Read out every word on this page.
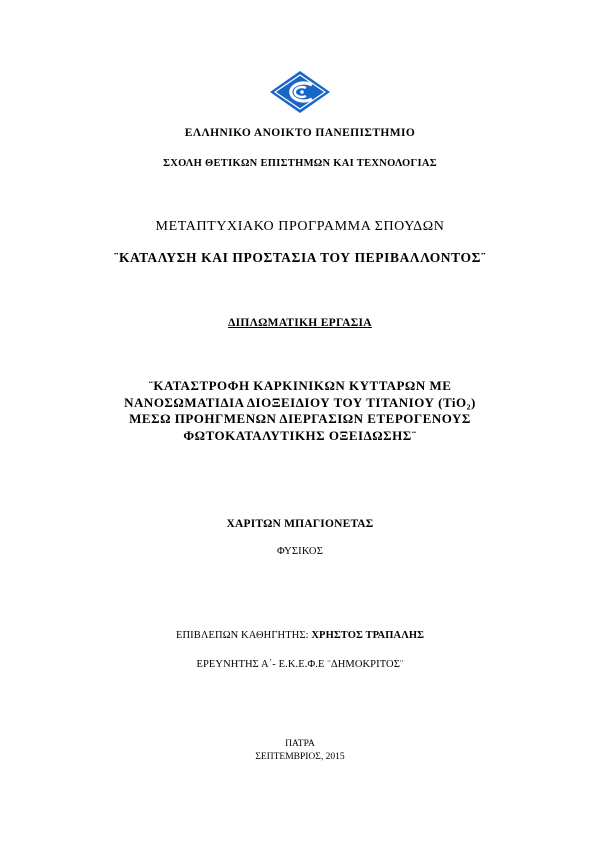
ΕΛΛΗΝΙΚΟ ΑΝΟΙΚΤΟ ΠΑΝΕΠΙΣΤΗΜΙΟ
ΣΧΟΛΗ ΘΕΤΙΚΩΝ ΕΠΙΣΤΗΜΩΝ ΚΑΙ ΤΕΧΝΟΛΟΓΙΑΣ
ΜΕΤΑΠΤΥΧΙΑΚΟ ΠΡΟΓΡΑΜΜΑ ΣΠΟΥΔΩΝ
¨ΚΑΤΑΛΥΣΗ ΚΑΙ ΠΡΟΣΤΑΣΙΑ ΤΟΥ ΠΕΡΙΒΑΛΛΟΝΤΟΣ¨
ΔΙΠΛΩΜΑΤΙΚΗ ΕΡΓΑΣΙΑ
¨ΚΑΤΑΣΤΡΟΦΗ ΚΑΡΚΙΝΙΚΩΝ ΚΥΤΤΑΡΩΝ ΜΕ
ΝΑΝΟΣΩΜΑΤΙΔΙΑ ΔΙΟΞΕΙΔΙΟΥ ΤΟΥ ΤΙΤΑΝΙΟΥ (TiO₂)
ΜΕΣΩ ΠΡΟΗΓΜΕΝΩΝ ΔΙΕΡΓΑΣΙΩΝ ΕΤΕΡΟΓΕΝΟΥΣ
ΦΩΤΟΚΑΤΑΛΥΤΙΚΗΣ ΟΞΕΙΔΩΣΗΣ¨
ΧΑΡΙΤΩΝ ΜΠΑΓΙΟΝΕΤΑΣ
ΦΥΣΙΚΟΣ
ΕΠΙΒΛΕΠΩΝ ΚΑΘΗΓΗΤΗΣ: ΧΡΗΣΤΟΣ ΤΡΑΠΑΛΗΣ
ΕΡΕΥΝΗΤΗΣ Α΄- Ε.Κ.Ε.Φ.Ε ¨ΔΗΜΟΚΡΙΤΟΣ¨
ΠΑΤΡΑ
ΣΕΠΤΕΜΒΡΙΟΣ, 2015
